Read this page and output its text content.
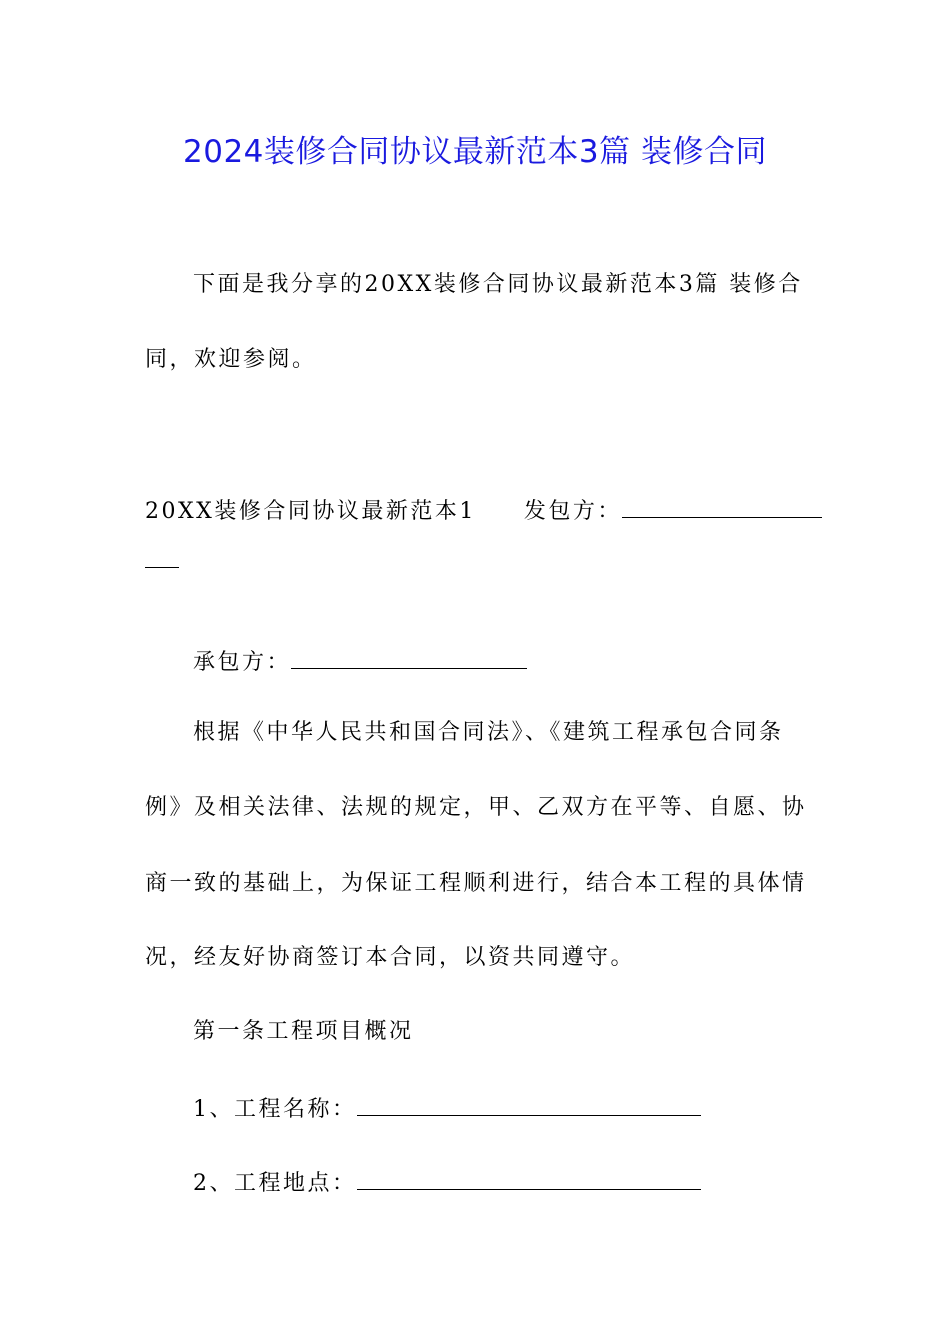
2024装修合同协议最新范本3篇 装修合同
下面是我分享的20XX装修合同协议最新范本3篇 装修合
同，欢迎参阅。
20XX装修合同协议最新范本1 发包方：
承包方：
根据《中华人民共和国合同法》、《建筑工程承包合同条
例》及相关法律、法规的规定，甲、乙双方在平等、自愿、协
商一致的基础上，为保证工程顺利进行，结合本工程的具体情
况，经友好协商签订本合同，以资共同遵守。
第一条工程项目概况
1、工程名称：
2、工程地点：
